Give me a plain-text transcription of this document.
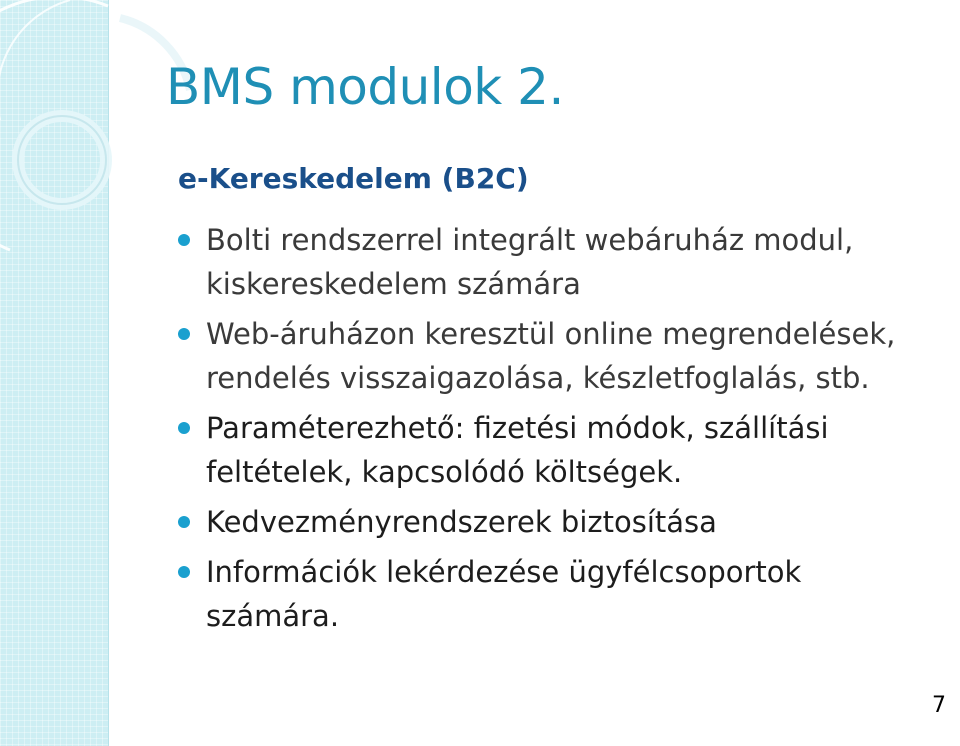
BMS modulok 2.
e-Kereskedelem (B2C)
Bolti rendszerrel integrált webáruház modul, kiskereskedelem számára
Web-áruházon keresztül online megrendelések, rendelés visszaigazolása, készletfoglalás, stb.
Paraméterezhető: fizetési módok, szállítási feltételek, kapcsolódó költségek.
Kedvezményrendszerek biztosítása
Információk lekérdezése ügyfélcsoportok számára.
7
